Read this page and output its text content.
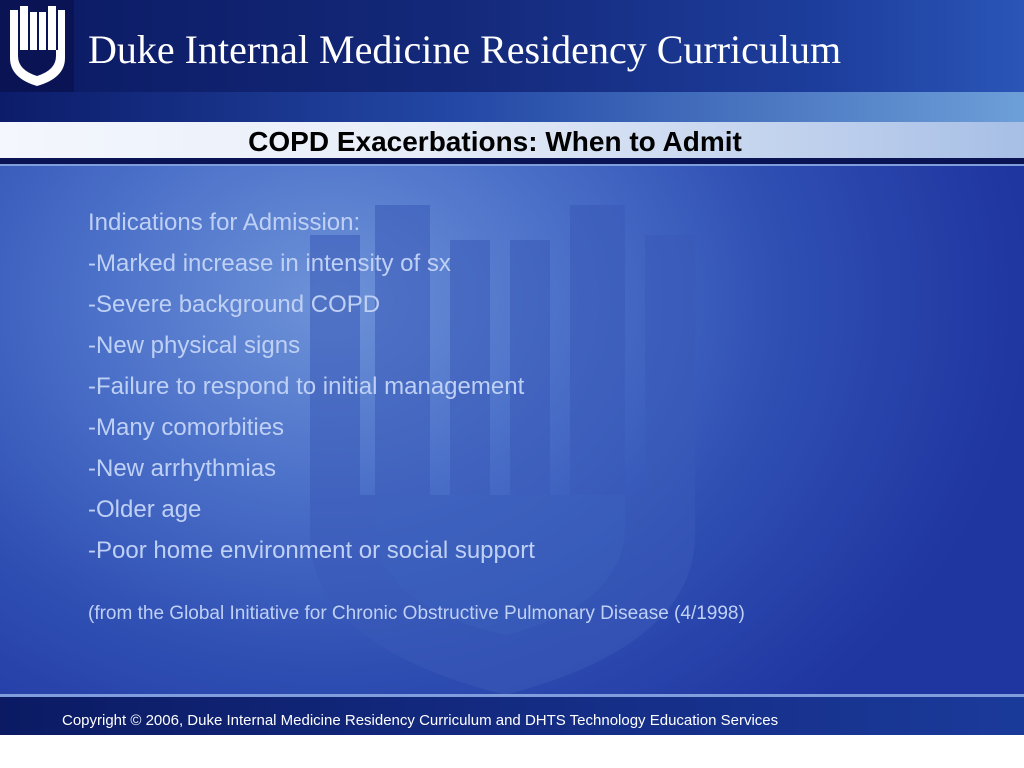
Duke Internal Medicine Residency Curriculum
COPD Exacerbations: When to Admit
Indications for Admission:
-Marked increase in intensity of sx
-Severe background COPD
-New physical signs
-Failure to respond to initial management
-Many comorbities
-New arrhythmias
-Older age
-Poor home environment or social support
(from the Global Initiative for Chronic Obstructive Pulmonary Disease (4/1998)
Copyright © 2006, Duke Internal Medicine Residency Curriculum and DHTS Technology Education Services
